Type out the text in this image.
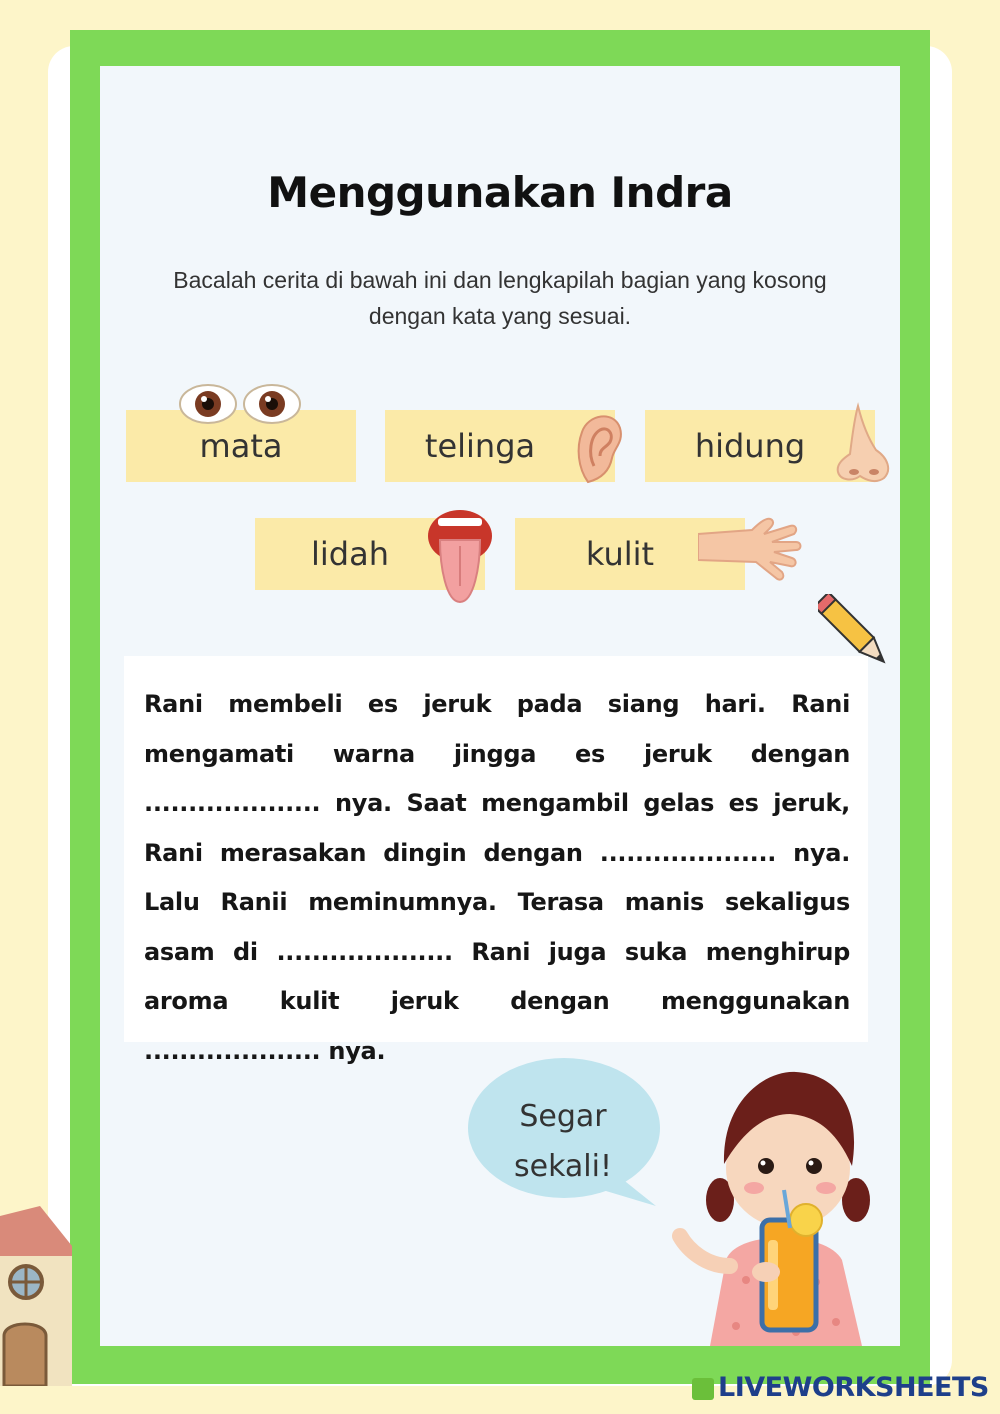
Menggunakan Indra
Bacalah cerita di bawah ini dan lengkapilah bagian yang kosong dengan kata yang sesuai.
mata	telinga	hidung
lidah	kulit
Rani membeli es jeruk pada siang hari. Rani mengamati warna jingga es jeruk dengan .................... nya. Saat mengambil gelas es jeruk, Rani merasakan dingin dengan .................... nya. Lalu Ranii meminumnya. Terasa manis sekaligus asam di .................... Rani juga suka menghirup aroma kulit jeruk dengan menggunakan .................... nya.
Segar
sekali!
LIVEWORKSHEETS
